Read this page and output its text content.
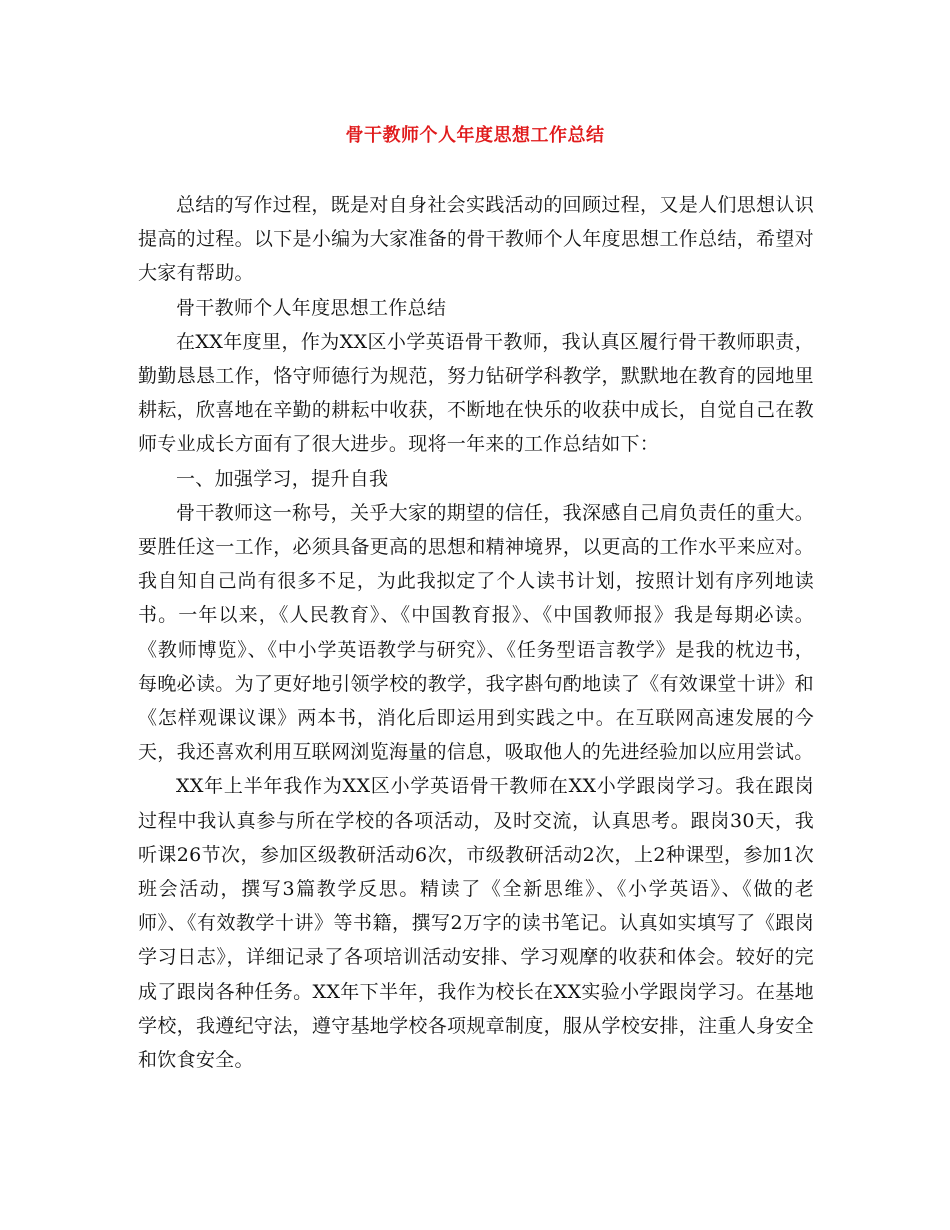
骨干教师个人年度思想工作总结

总结的写作过程，既是对自身社会实践活动的回顾过程，又是人们思想认识提高的过程。以下是小编为大家准备的骨干教师个人年度思想工作总结，希望对大家有帮助。

骨干教师个人年度思想工作总结

在XX年度里，作为XX区小学英语骨干教师，我认真区履行骨干教师职责，勤勤恳恳工作，恪守师德行为规范，努力钻研学科教学，默默地在教育的园地里耕耘，欣喜地在辛勤的耕耘中收获，不断地在快乐的收获中成长，自觉自己在教师专业成长方面有了很大进步。现将一年来的工作总结如下：

一、加强学习，提升自我

骨干教师这一称号，关乎大家的期望的信任，我深感自己肩负责任的重大。要胜任这一工作，必须具备更高的思想和精神境界，以更高的工作水平来应对。我自知自己尚有很多不足，为此我拟定了个人读书计划，按照计划有序列地读书。一年以来，《人民教育》、《中国教育报》、《中国教师报》我是每期必读。《教师博览》、《中小学英语教学与研究》、《任务型语言教学》是我的枕边书，每晚必读。为了更好地引领学校的教学，我字斟句酌地读了《有效课堂十讲》和《怎样观课议课》两本书，消化后即运用到实践之中。在互联网高速发展的今天，我还喜欢利用互联网浏览海量的信息，吸取他人的先进经验加以应用尝试。

XX年上半年我作为XX区小学英语骨干教师在XX小学跟岗学习。我在跟岗过程中我认真参与所在学校的各项活动，及时交流，认真思考。跟岗30天，我听课26节次，参加区级教研活动6次，市级教研活动2次，上2种课型，参加1次班会活动，撰写3篇教学反思。精读了《全新思维》、《小学英语》、《做的老师》、《有效教学十讲》等书籍，撰写2万字的读书笔记。认真如实填写了《跟岗学习日志》，详细记录了各项培训活动安排、学习观摩的收获和体会。较好的完成了跟岗各种任务。XX年下半年，我作为校长在XX实验小学跟岗学习。在基地学校，我遵纪守法，遵守基地学校各项规章制度，服从学校安排，注重人身安全和饮食安全。
